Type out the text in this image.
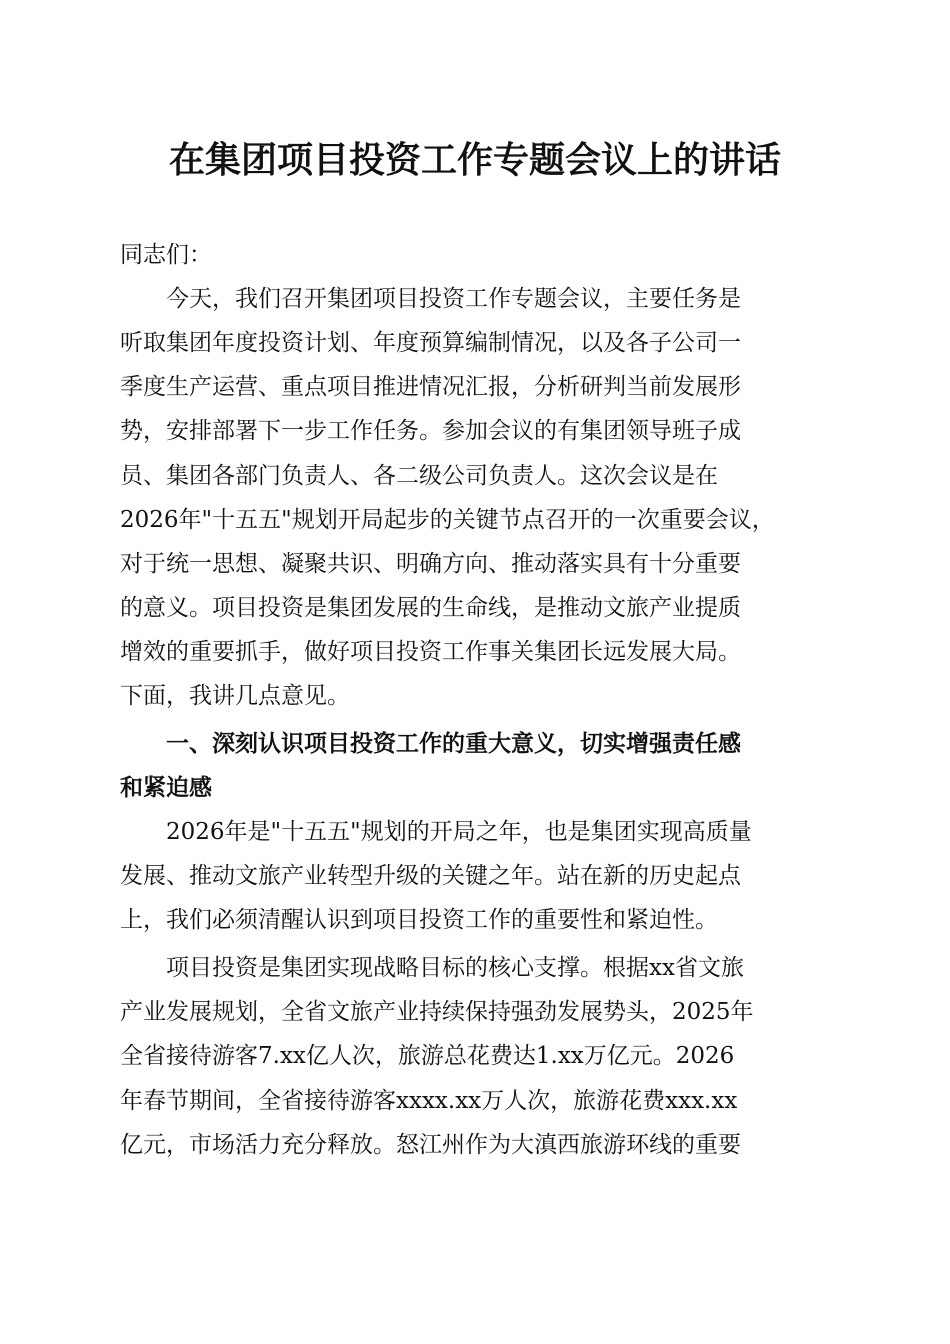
在集团项目投资工作专题会议上的讲话

同志们：

　　今天，我们召开集团项目投资工作专题会议，主要任务是

听取集团年度投资计划、年度预算编制情况，以及各子公司一

季度生产运营、重点项目推进情况汇报，分析研判当前发展形

势，安排部署下一步工作任务。参加会议的有集团领导班子成

员、集团各部门负责人、各二级公司负责人。这次会议是在

2026年"十五五"规划开局起步的关键节点召开的一次重要会议，

对于统一思想、凝聚共识、明确方向、推动落实具有十分重要

的意义。项目投资是集团发展的生命线，是推动文旅产业提质

增效的重要抓手，做好项目投资工作事关集团长远发展大局。

下面，我讲几点意见。

　　一、深刻认识项目投资工作的重大意义，切实增强责任感

和紧迫感

　　2026年是"十五五"规划的开局之年，也是集团实现高质量

发展、推动文旅产业转型升级的关键之年。站在新的历史起点

上，我们必须清醒认识到项目投资工作的重要性和紧迫性。

　　项目投资是集团实现战略目标的核心支撑。根据xx省文旅

产业发展规划，全省文旅产业持续保持强劲发展势头，2025年

全省接待游客7.xx亿人次，旅游总花费达1.xx万亿元。2026

年春节期间，全省接待游客xxxx.xx万人次，旅游花费xxx.xx

亿元，市场活力充分释放。怒江州作为大滇西旅游环线的重要
